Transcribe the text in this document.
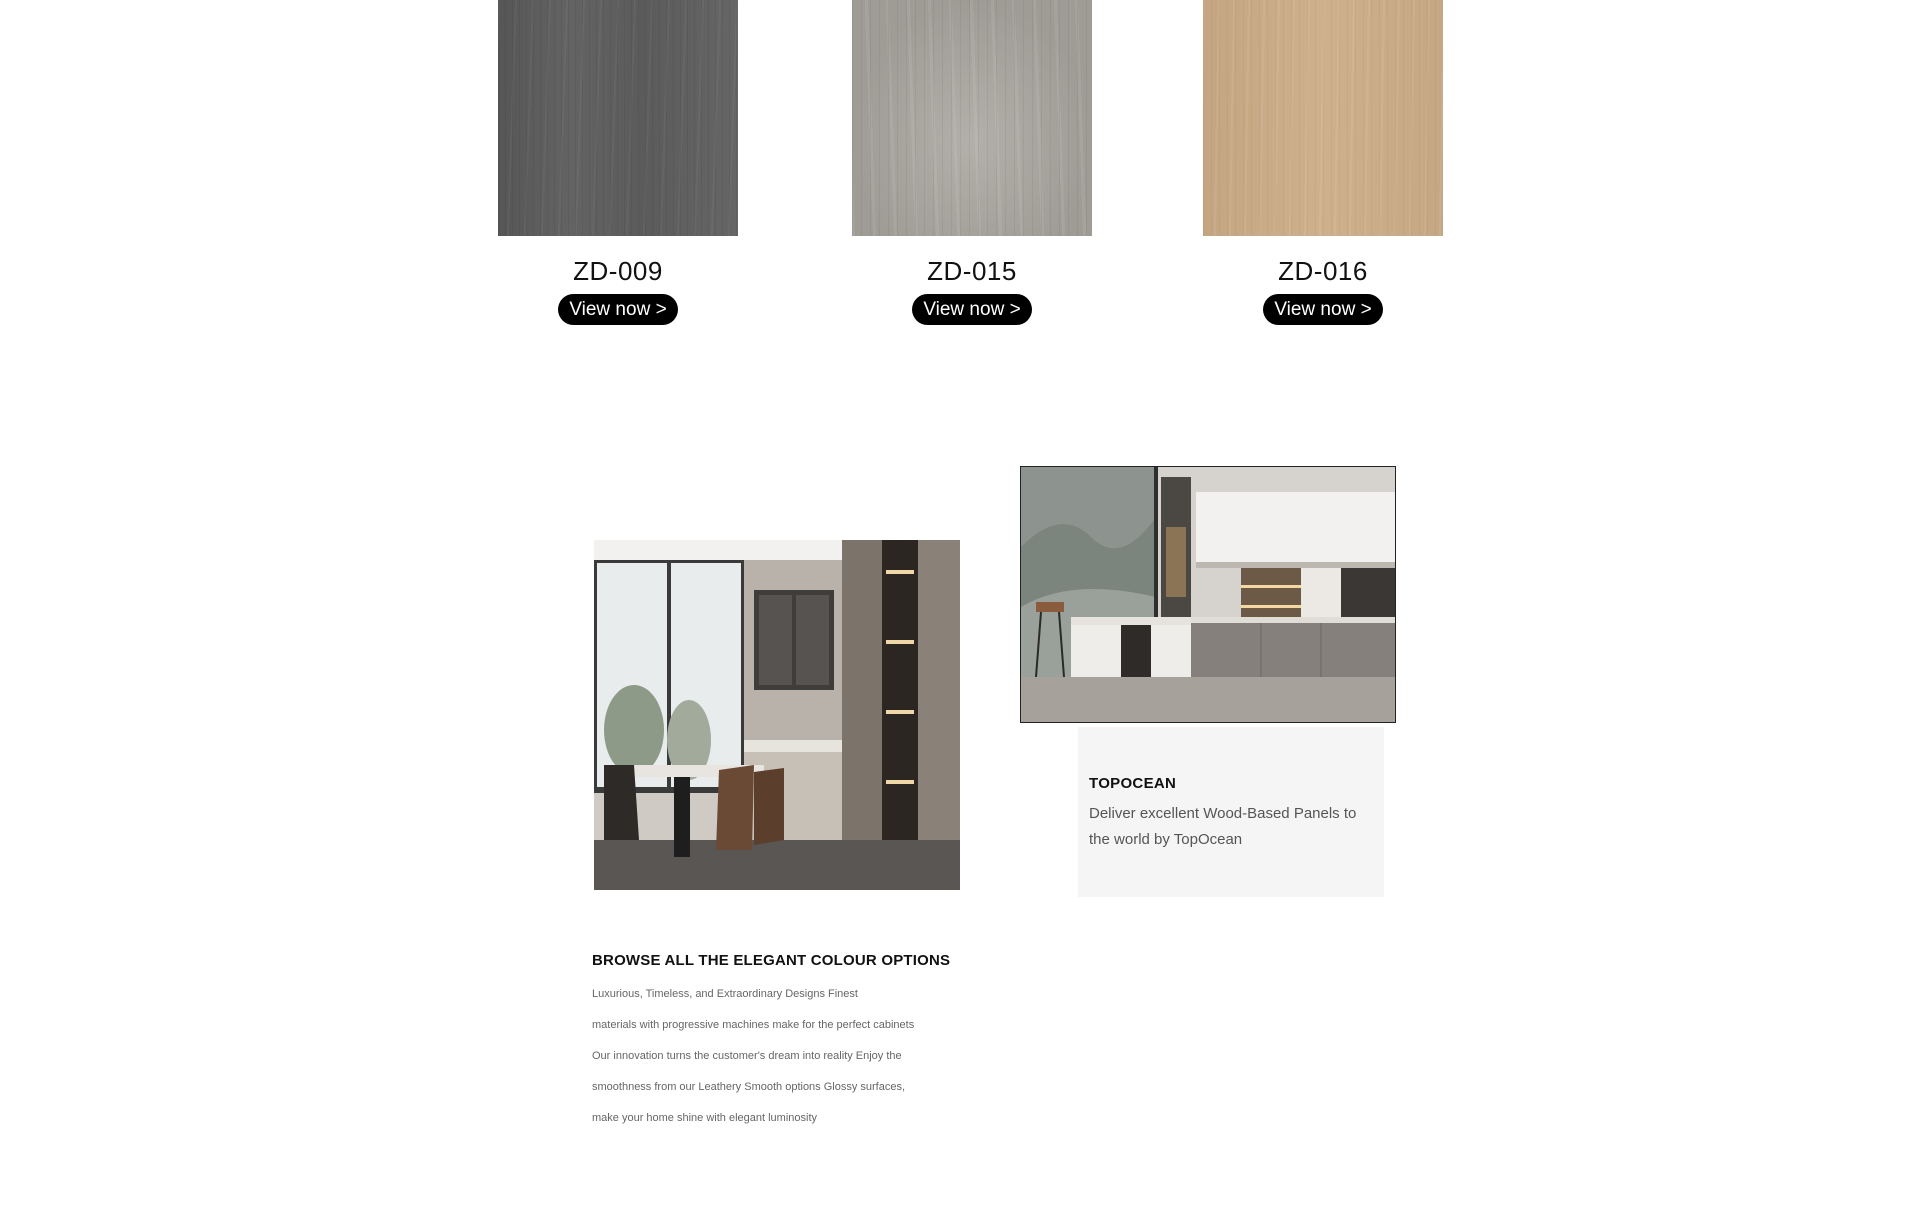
ZD-009
View now >
ZD-015
View now >
ZD-016
View now >
TOPOCEAN
Deliver excellent Wood-Based Panels to the world by TopOcean
BROWSE ALL THE ELEGANT COLOUR OPTIONS
Luxurious, Timeless, and Extraordinary Designs Finest
materials with progressive machines make for the perfect cabinets
Our innovation turns the customer's dream into reality Enjoy the
smoothness from our Leathery Smooth options Glossy surfaces,
make your home shine with elegant luminosity
